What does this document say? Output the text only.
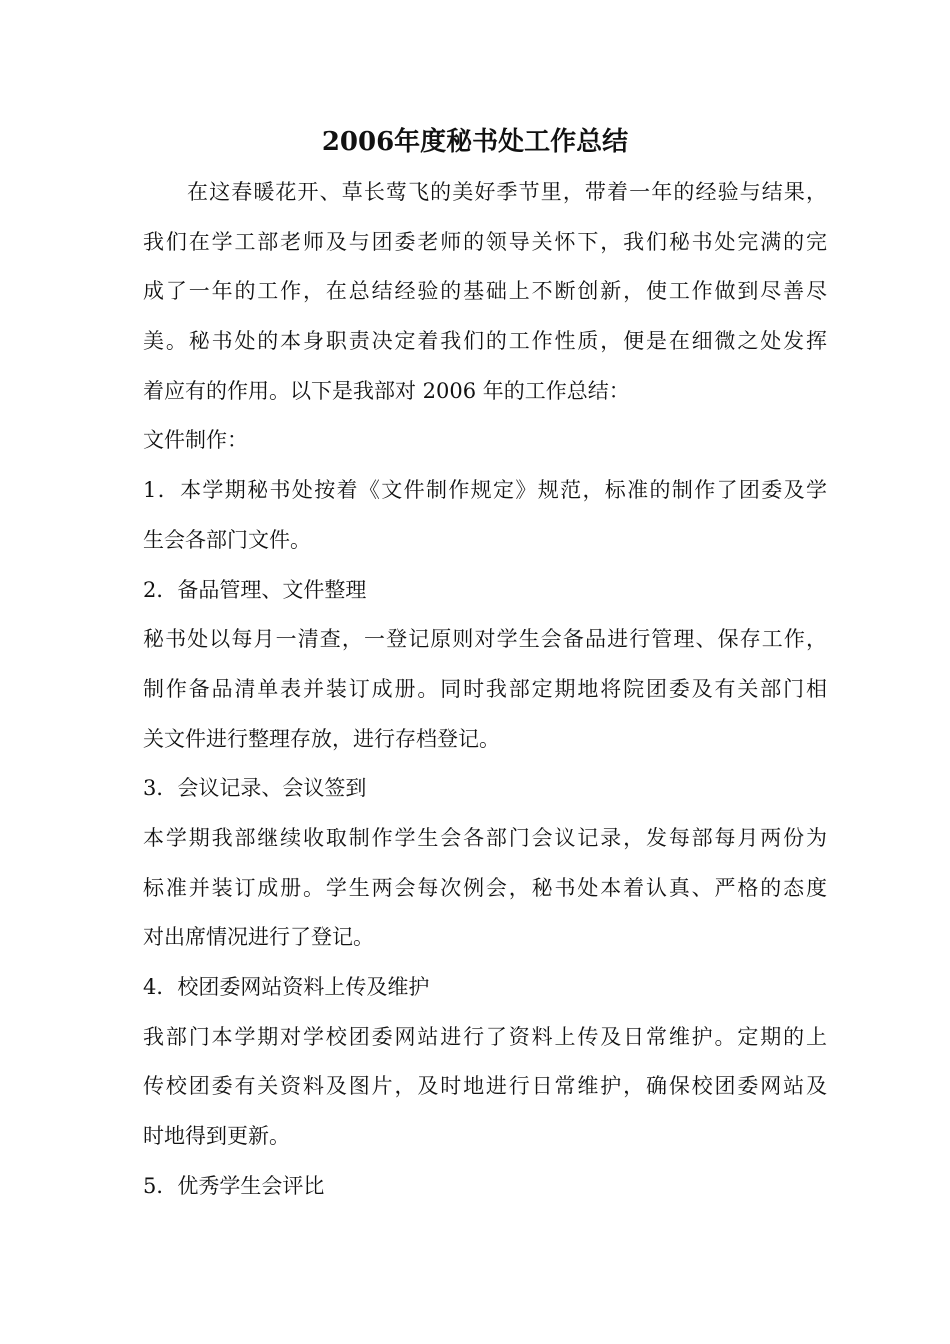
2006年度秘书处工作总结
在这春暖花开、草长莺飞的美好季节里，带着一年的经验与结果，
我们在学工部老师及与团委老师的领导关怀下，我们秘书处完满的完
成了一年的工作，在总结经验的基础上不断创新，使工作做到尽善尽
美。秘书处的本身职责决定着我们的工作性质，便是在细微之处发挥
着应有的作用。以下是我部对 2006 年的工作总结：
文件制作：
1．本学期秘书处按着《文件制作规定》规范，标准的制作了团委及学
生会各部门文件。
2．备品管理、文件整理
秘书处以每月一清查，一登记原则对学生会备品进行管理、保存工作，
制作备品清单表并装订成册。同时我部定期地将院团委及有关部门相
关文件进行整理存放，进行存档登记。
3．会议记录、会议签到
本学期我部继续收取制作学生会各部门会议记录，发每部每月两份为
标准并装订成册。学生两会每次例会，秘书处本着认真、严格的态度
对出席情况进行了登记。
4．校团委网站资料上传及维护
我部门本学期对学校团委网站进行了资料上传及日常维护。定期的上
传校团委有关资料及图片，及时地进行日常维护，确保校团委网站及
时地得到更新。
5．优秀学生会评比
